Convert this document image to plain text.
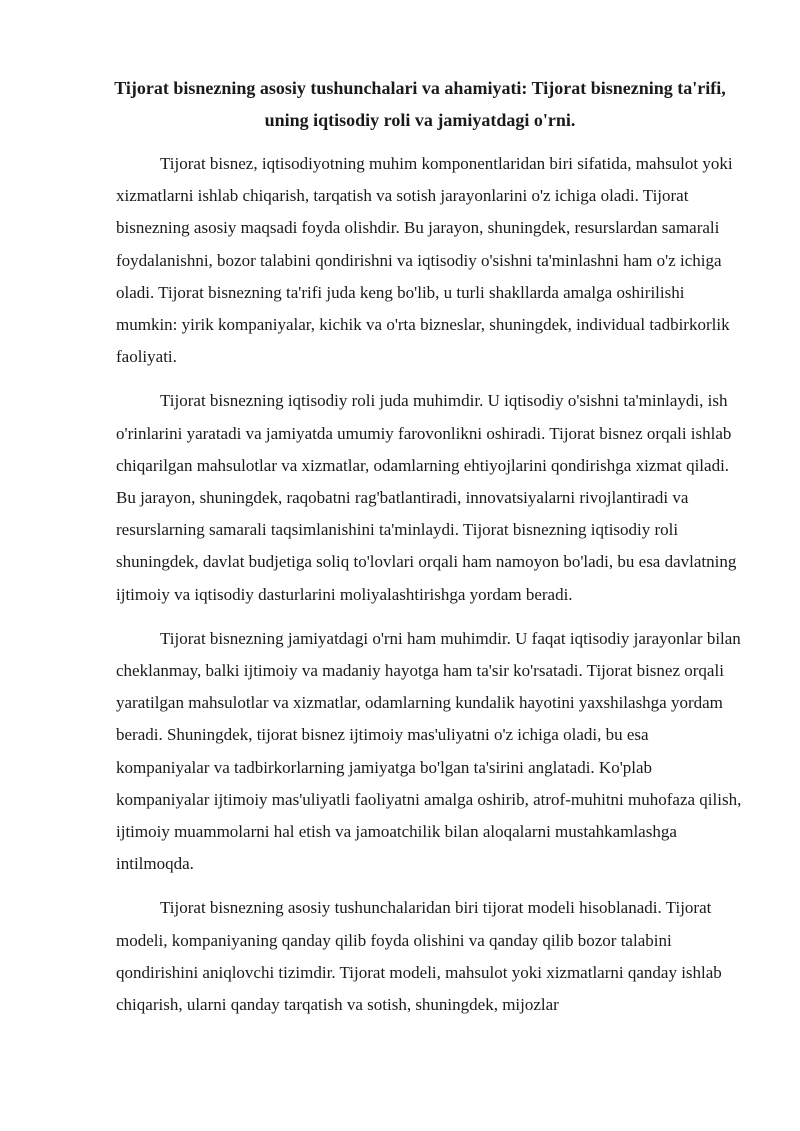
Tijorat bisnezning asosiy tushunchalari va ahamiyati: Tijorat bisnezning ta'rifi, uning iqtisodiy roli va jamiyatdagi o'rni.

Tijorat bisnez, iqtisodiyotning muhim komponentlaridan biri sifatida, mahsulot yoki xizmatlarni ishlab chiqarish, tarqatish va sotish jarayonlarini o'z ichiga oladi. Tijorat bisnezning asosiy maqsadi foyda olishdir. Bu jarayon, shuningdek, resurslardan samarali foydalanishni, bozor talabini qondirishni va iqtisodiy o'sishni ta'minlashni ham o'z ichiga oladi. Tijorat bisnezning ta'rifi juda keng bo'lib, u turli shakllarda amalga oshirilishi mumkin: yirik kompaniyalar, kichik va o'rta bizneslar, shuningdek, individual tadbirkorlik faoliyati.

Tijorat bisnezning iqtisodiy roli juda muhimdir. U iqtisodiy o'sishni ta'minlaydi, ish o'rinlarini yaratadi va jamiyatda umumiy farovonlikni oshiradi. Tijorat bisnez orqali ishlab chiqarilgan mahsulotlar va xizmatlar, odamlarning ehtiyojlarini qondirishga xizmat qiladi. Bu jarayon, shuningdek, raqobatni rag'batlantiradi, innovatsiyalarni rivojlantiradi va resurslarning samarali taqsimlanishini ta'minlaydi. Tijorat bisnezning iqtisodiy roli shuningdek, davlat budjetiga soliq to'lovlari orqali ham namoyon bo'ladi, bu esa davlatning ijtimoiy va iqtisodiy dasturlarini moliyalashtirishga yordam beradi.

Tijorat bisnezning jamiyatdagi o'rni ham muhimdir. U faqat iqtisodiy jarayonlar bilan cheklanmay, balki ijtimoiy va madaniy hayotga ham ta'sir ko'rsatadi. Tijorat bisnez orqali yaratilgan mahsulotlar va xizmatlar, odamlarning kundalik hayotini yaxshilashga yordam beradi. Shuningdek, tijorat bisnez ijtimoiy mas'uliyatni o'z ichiga oladi, bu esa kompaniyalar va tadbirkorlarning jamiyatga bo'lgan ta'sirini anglatadi. Ko'plab kompaniyalar ijtimoiy mas'uliyatli faoliyatni amalga oshirib, atrof-muhitni muhofaza qilish, ijtimoiy muammolarni hal etish va jamoatchilik bilan aloqalarni mustahkamlashga intilmoqda.

Tijorat bisnezning asosiy tushunchalaridan biri tijorat modeli hisoblanadi. Tijorat modeli, kompaniyaning qanday qilib foyda olishini va qanday qilib bozor talabini qondirishini aniqlovchi tizimdir. Tijorat modeli, mahsulot yoki xizmatlarni qanday ishlab chiqarish, ularni qanday tarqatish va sotish, shuningdek, mijozlar
